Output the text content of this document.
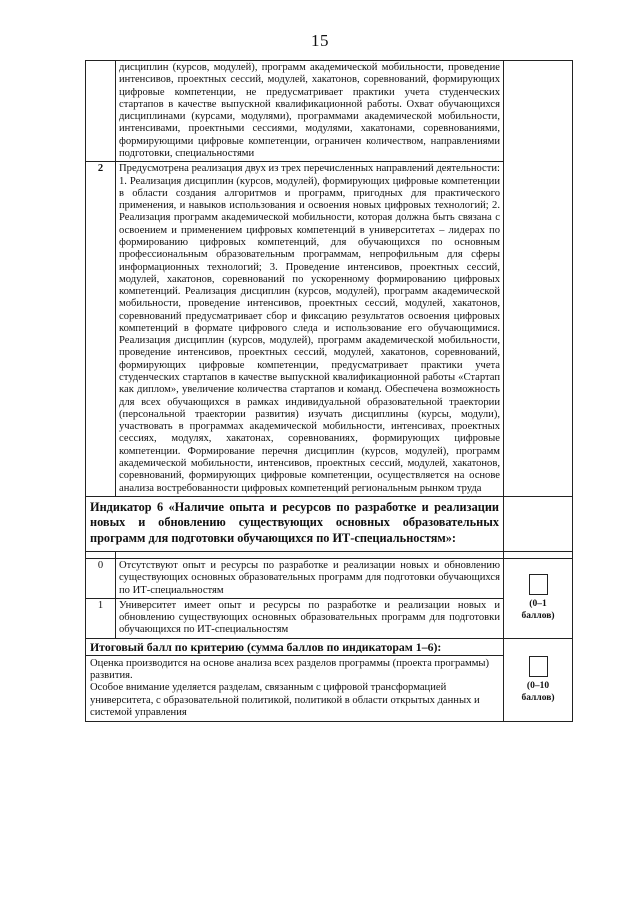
15

	дисциплин (курсов, модулей), программ академической мобильности, проведение интенсивов, проектных сессий, модулей, хакатонов, соревнований, формирующих цифровые компетенции, не предусматривает практики учета студенческих стартапов в качестве выпускной квалификационной работы. Охват обучающихся дисциплинами (курсами, модулями), программами академической мобильности, интенсивами, проектными сессиями, модулями, хакатонами, соревнованиями, формирующими цифровые компетенции, ограничен количеством, направлениями подготовки, специальностями	

2	Предусмотрена реализация двух из трех перечисленных направлений деятельности: 1. Реализация дисциплин (курсов, модулей), формирующих цифровые компетенции в области создания алгоритмов и программ, пригодных для практического применения, и навыков использования и освоения новых цифровых технологий; 2. Реализация программ академической мобильности, которая должна быть связана с освоением и применением цифровых компетенций в университетах – лидерах по формированию цифровых компетенций, для обучающихся по основным профессиональным образовательным программам, непрофильным для сферы информационных технологий; 3. Проведение интенсивов, проектных сессий, модулей, хакатонов, соревнований по ускоренному формированию цифровых компетенций. Реализация дисциплин (курсов, модулей), программ академической мобильности, проведение интенсивов, проектных сессий, модулей, хакатонов, соревнований предусматривает сбор и фиксацию результатов освоения цифровых компетенций в формате цифрового следа и использование его обучающимися. Реализация дисциплин (курсов, модулей), программ академической мобильности, проведение интенсивов, проектных сессий, модулей, хакатонов, соревнований, формирующих цифровые компетенции, предусматривает практики учета студенческих стартапов в качестве выпускной квалификационной работы «Стартап как диплом», увеличение количества стартапов и команд. Обеспечена возможность для всех обучающихся в рамках индивидуальной образовательной траектории (персональной траектории развития) изучать дисциплины (курсы, модули), участвовать в программах академической мобильности, интенсивах, проектных сессиях, модулях, хакатонах, соревнованиях, формирующих цифровые компетенции. Формирование перечня дисциплин (курсов, модулей), программ академической мобильности, интенсивов, проектных сессий, модулей, хакатонов, соревнований, формирующих цифровые компетенции, осуществляется на основе анализа востребованности цифровых компетенций региональным рынком труда	

Индикатор 6 «Наличие опыта и ресурсов по разработке и реализации новых и обновлению существующих основных образовательных программ для подготовки обучающихся по ИТ-специальностям»:		

0	Отсутствуют опыт и ресурсы по разработке и реализации новых и обновлению существующих основных образовательных программ для подготовки обучающихся по ИТ-специальностям	(0–1
баллов)

1	Университет имеет опыт и ресурсы по разработке и реализации новых и обновлению существующих основных образовательных программ для подготовки обучающихся по ИТ-специальностям	

Итоговый балл по критерию (сумма баллов по индикаторам 1–6):		(0–10
баллов)

Оценка производится на основе анализа всех разделов программы (проекта программы) развития.

Особое внимание уделяется разделам, связанным с цифровой трансформацией университета, с образовательной политикой, политикой в области открытых данных и системой управления		
